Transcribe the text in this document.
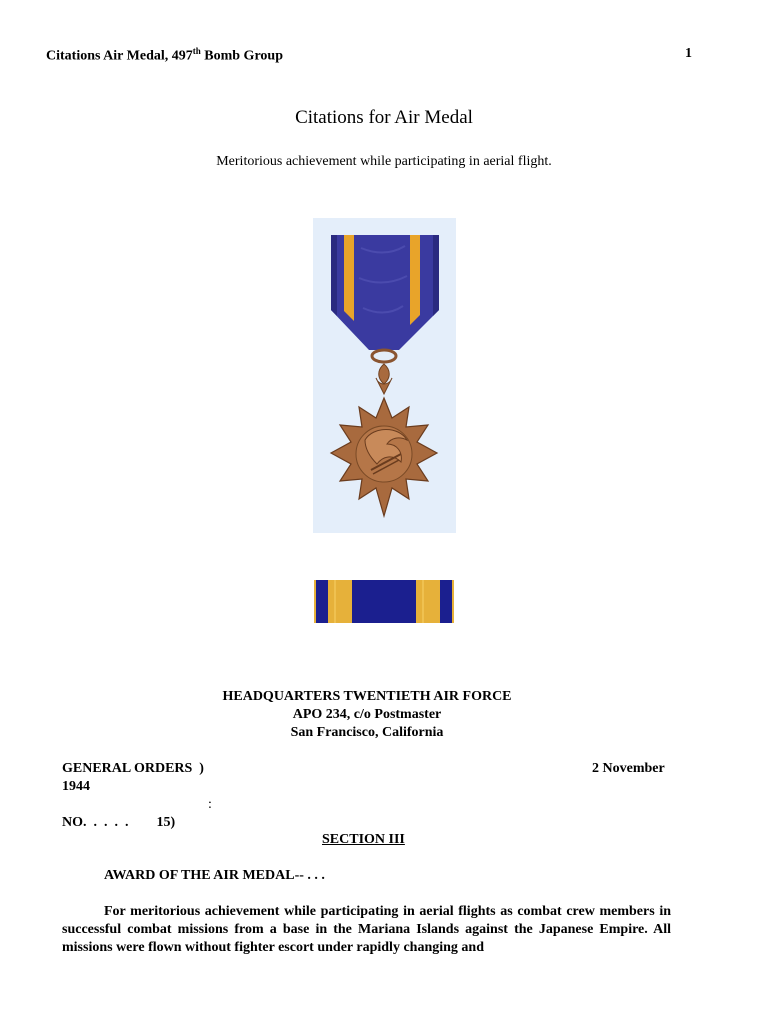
Citations Air Medal, 497th Bomb Group	1
Citations for Air Medal
Meritorious achievement while participating in aerial flight.
HEADQUARTERS TWENTIETH AIR FORCE
APO 234, c/o Postmaster
San Francisco, California
GENERAL ORDERS  )	2 November
1944
:
NO.  .  .  .  .        15)
SECTION III
AWARD OF THE AIR MEDAL-- . . .
For meritorious achievement while participating in aerial flights as combat crew members in successful combat missions from a base in the Mariana Islands against the Japanese Empire. All missions were flown without fighter escort under rapidly changing and
